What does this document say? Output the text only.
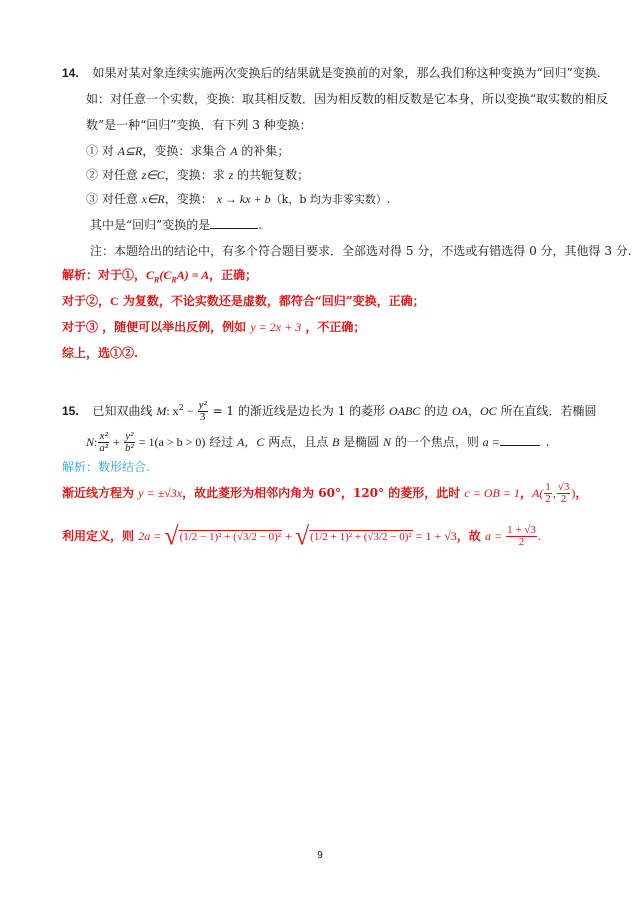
14. 如果对某对象连续实施两次变换后的结果就是变换前的对象，那么我们称这种变换为“回归”变换.
如：对任意一个实数，变换：取其相反数．因为相反数的相反数是它本身，所以变换“取实数的相反
数”是一种“回归”变换．有下列 3 种变换：
① 对 A⊆R，变换：求集合 A 的补集；
② 对任意 z∈C，变换：求 z 的共轭复数；
③ 对任意 x∈R，变换： x → kx + b（k，b 均为非零实数）.
其中是“回归”变换的是	.
注：本题给出的结论中，有多个符合题目要求．全部选对得 5 分，不选或有错选得 0 分，其他得 3 分.
解析：对于①，$C_R(C_RA) = A$，正确；
对于②，C 为复数，不论实数还是虚数，都符合“回归”变换，正确；
对于③ ，随便可以举出反例，例如 y = 2x + 3 ，不正确；
综上，选①②.
15. 已知双曲线 M: $x^2 - \frac{\text{y²}}{3} = 1$ 的渐近线是边长为 1 的菱形 OABC 的边 OA，OC 所在直线．若椭圆
N: $\frac{\text{x²}}{\text{a²}} + \frac{\text{y²}}{\text{b²}} = 1(a > b > 0)$ 经过 A，C 两点，且点 B 是椭圆 N 的一个焦点，则 a =	.
解析：数形结合.
渐近线方程为 y = ±√3x，故此菱形为相邻内角为 60°，120° 的菱形，此时 c = OB = 1，$A( \frac{1}{2}$ , $\frac{√3}{2}$ )，
利用定义，则 2a = √(1/2 − 1)² + (√3/2 − 0)² + √(1/2 + 1)² + (√3/2 − 0)² = 1 + √3，故 $a = \frac{1 + √3}{2}$ .
9
